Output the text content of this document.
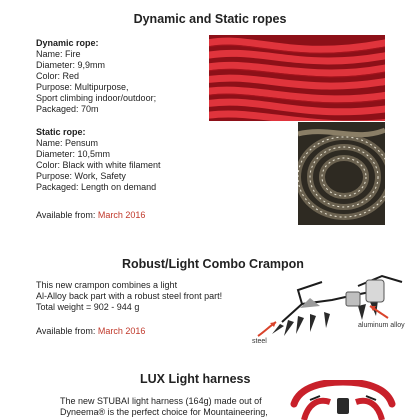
Dynamic and Static ropes
Dynamic rope:
Name: Fire
Diameter: 9,9mm
Color: Red
Purpose: Multipurpose,
Sport climbing indoor/outdoor;
Packaged: 70m
Static rope:
Name: Pensum
Diameter: 10,5mm
Color: Black with white filament
Purpose: Work, Safety
Packaged: Length on demand
Available from: March 2016
Robust/Light Combo Crampon
This new crampon combines a light
Al-Alloy back part with a robust steel front part!
Total weight = 902 - 944 g
Available from: March 2016
steel
aluminum alloy
LUX Light harness
The new STUBAI light harness (164g) made out of
Dyneema® is the perfect choice for Mountaineering,
